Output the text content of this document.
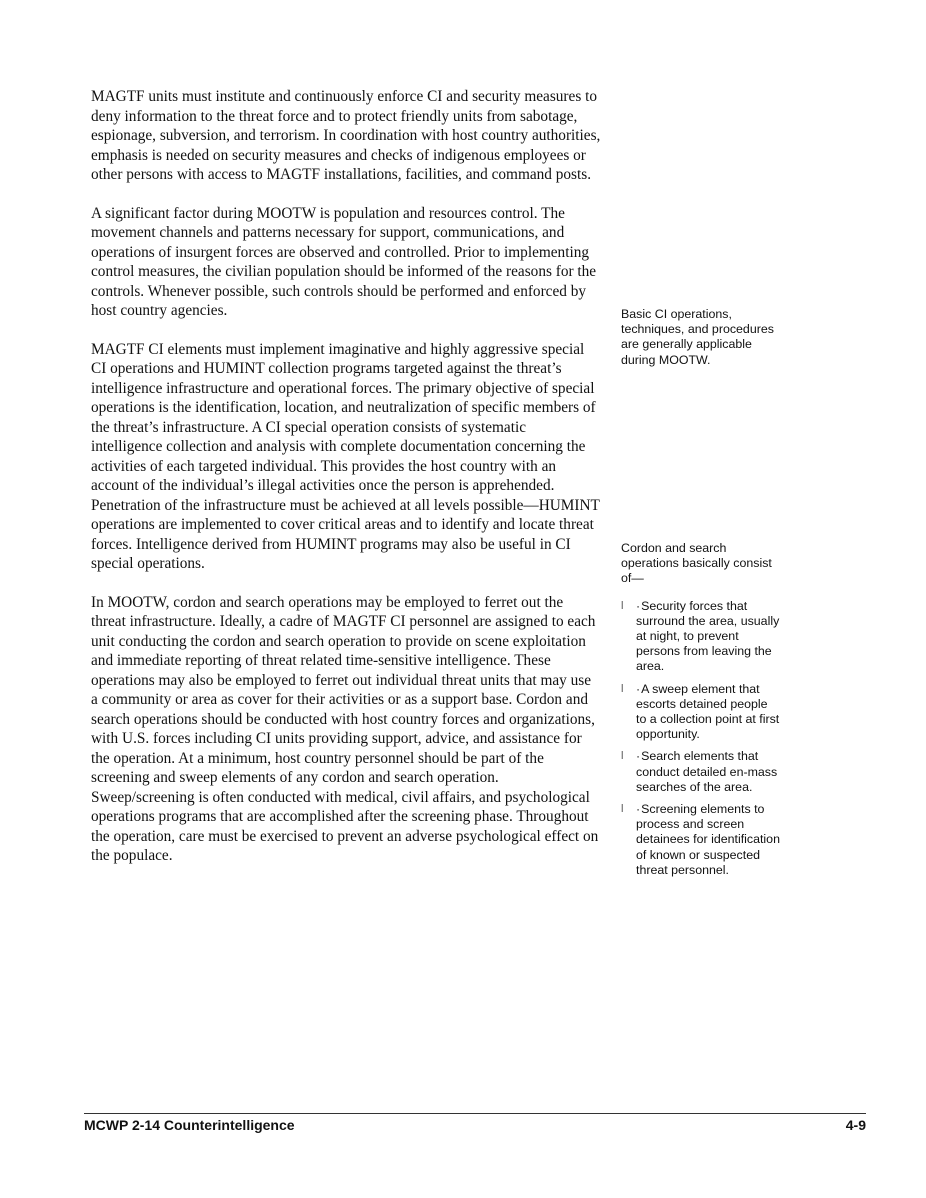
MAGTF units must institute and continuously enforce CI and security measures to deny information to the threat force and to protect friendly units from sabotage, espionage, subversion, and terrorism. In coordination with host country authorities, emphasis is needed on security measures and checks of indigenous employees or other persons with access to MAGTF installations, facilities, and command posts.

A significant factor during MOOTW is population and resources control. The movement channels and patterns necessary for support, communications, and operations of insurgent forces are observed and controlled. Prior to implementing control measures, the civilian population should be informed of the reasons for the controls. Whenever possible, such controls should be performed and enforced by host country agencies.

MAGTF CI elements must implement imaginative and highly aggressive special CI operations and HUMINT collection programs targeted against the threat’s intelligence infrastructure and operational forces. The primary objective of special operations is the identification, location, and neutralization of specific members of the threat’s infrastructure. A CI special operation consists of systematic intelligence collection and analysis with complete documentation concerning the activities of each targeted individual. This provides the host country with an account of the individual’s illegal activities once the person is apprehended. Penetration of the infrastructure must be achieved at all levels possible—HUMINT operations are implemented to cover critical areas and to identify and locate threat forces. Intelligence derived from HUMINT programs may also be useful in CI special operations.

In MOOTW, cordon and search operations may be employed to ferret out the threat infrastructure. Ideally, a cadre of MAGTF CI personnel are assigned to each unit conducting the cordon and search operation to provide on scene exploitation and immediate reporting of threat related time-sensitive intelligence. These operations may also be employed to ferret out individual threat units that may use a community or area as cover for their activities or as a support base. Cordon and search operations should be conducted with host country forces and organizations, with U.S. forces including CI units providing support, advice, and assistance for the operation. At a minimum, host country personnel should be part of the screening and sweep elements of any cordon and search operation. Sweep/screening is often conducted with medical, civil affairs, and psychological operations programs that are accomplished after the screening phase. Throughout the operation, care must be exercised to prevent an adverse psychological effect on the populace.

Basic CI operations, techniques, and procedures are generally applicable during MOOTW.
Cordon and search operations basically consist of—
l ·Security forces that surround the area, usually at night, to prevent persons from leaving the area.
l ·A sweep element that escorts detained people to a collection point at first opportunity.
l ·Search elements that conduct detailed en-mass searches of the area.
l ·Screening elements to process and screen detainees for identification of known or suspected threat personnel.
MCWP 2-14 Counterintelligence	4-9
